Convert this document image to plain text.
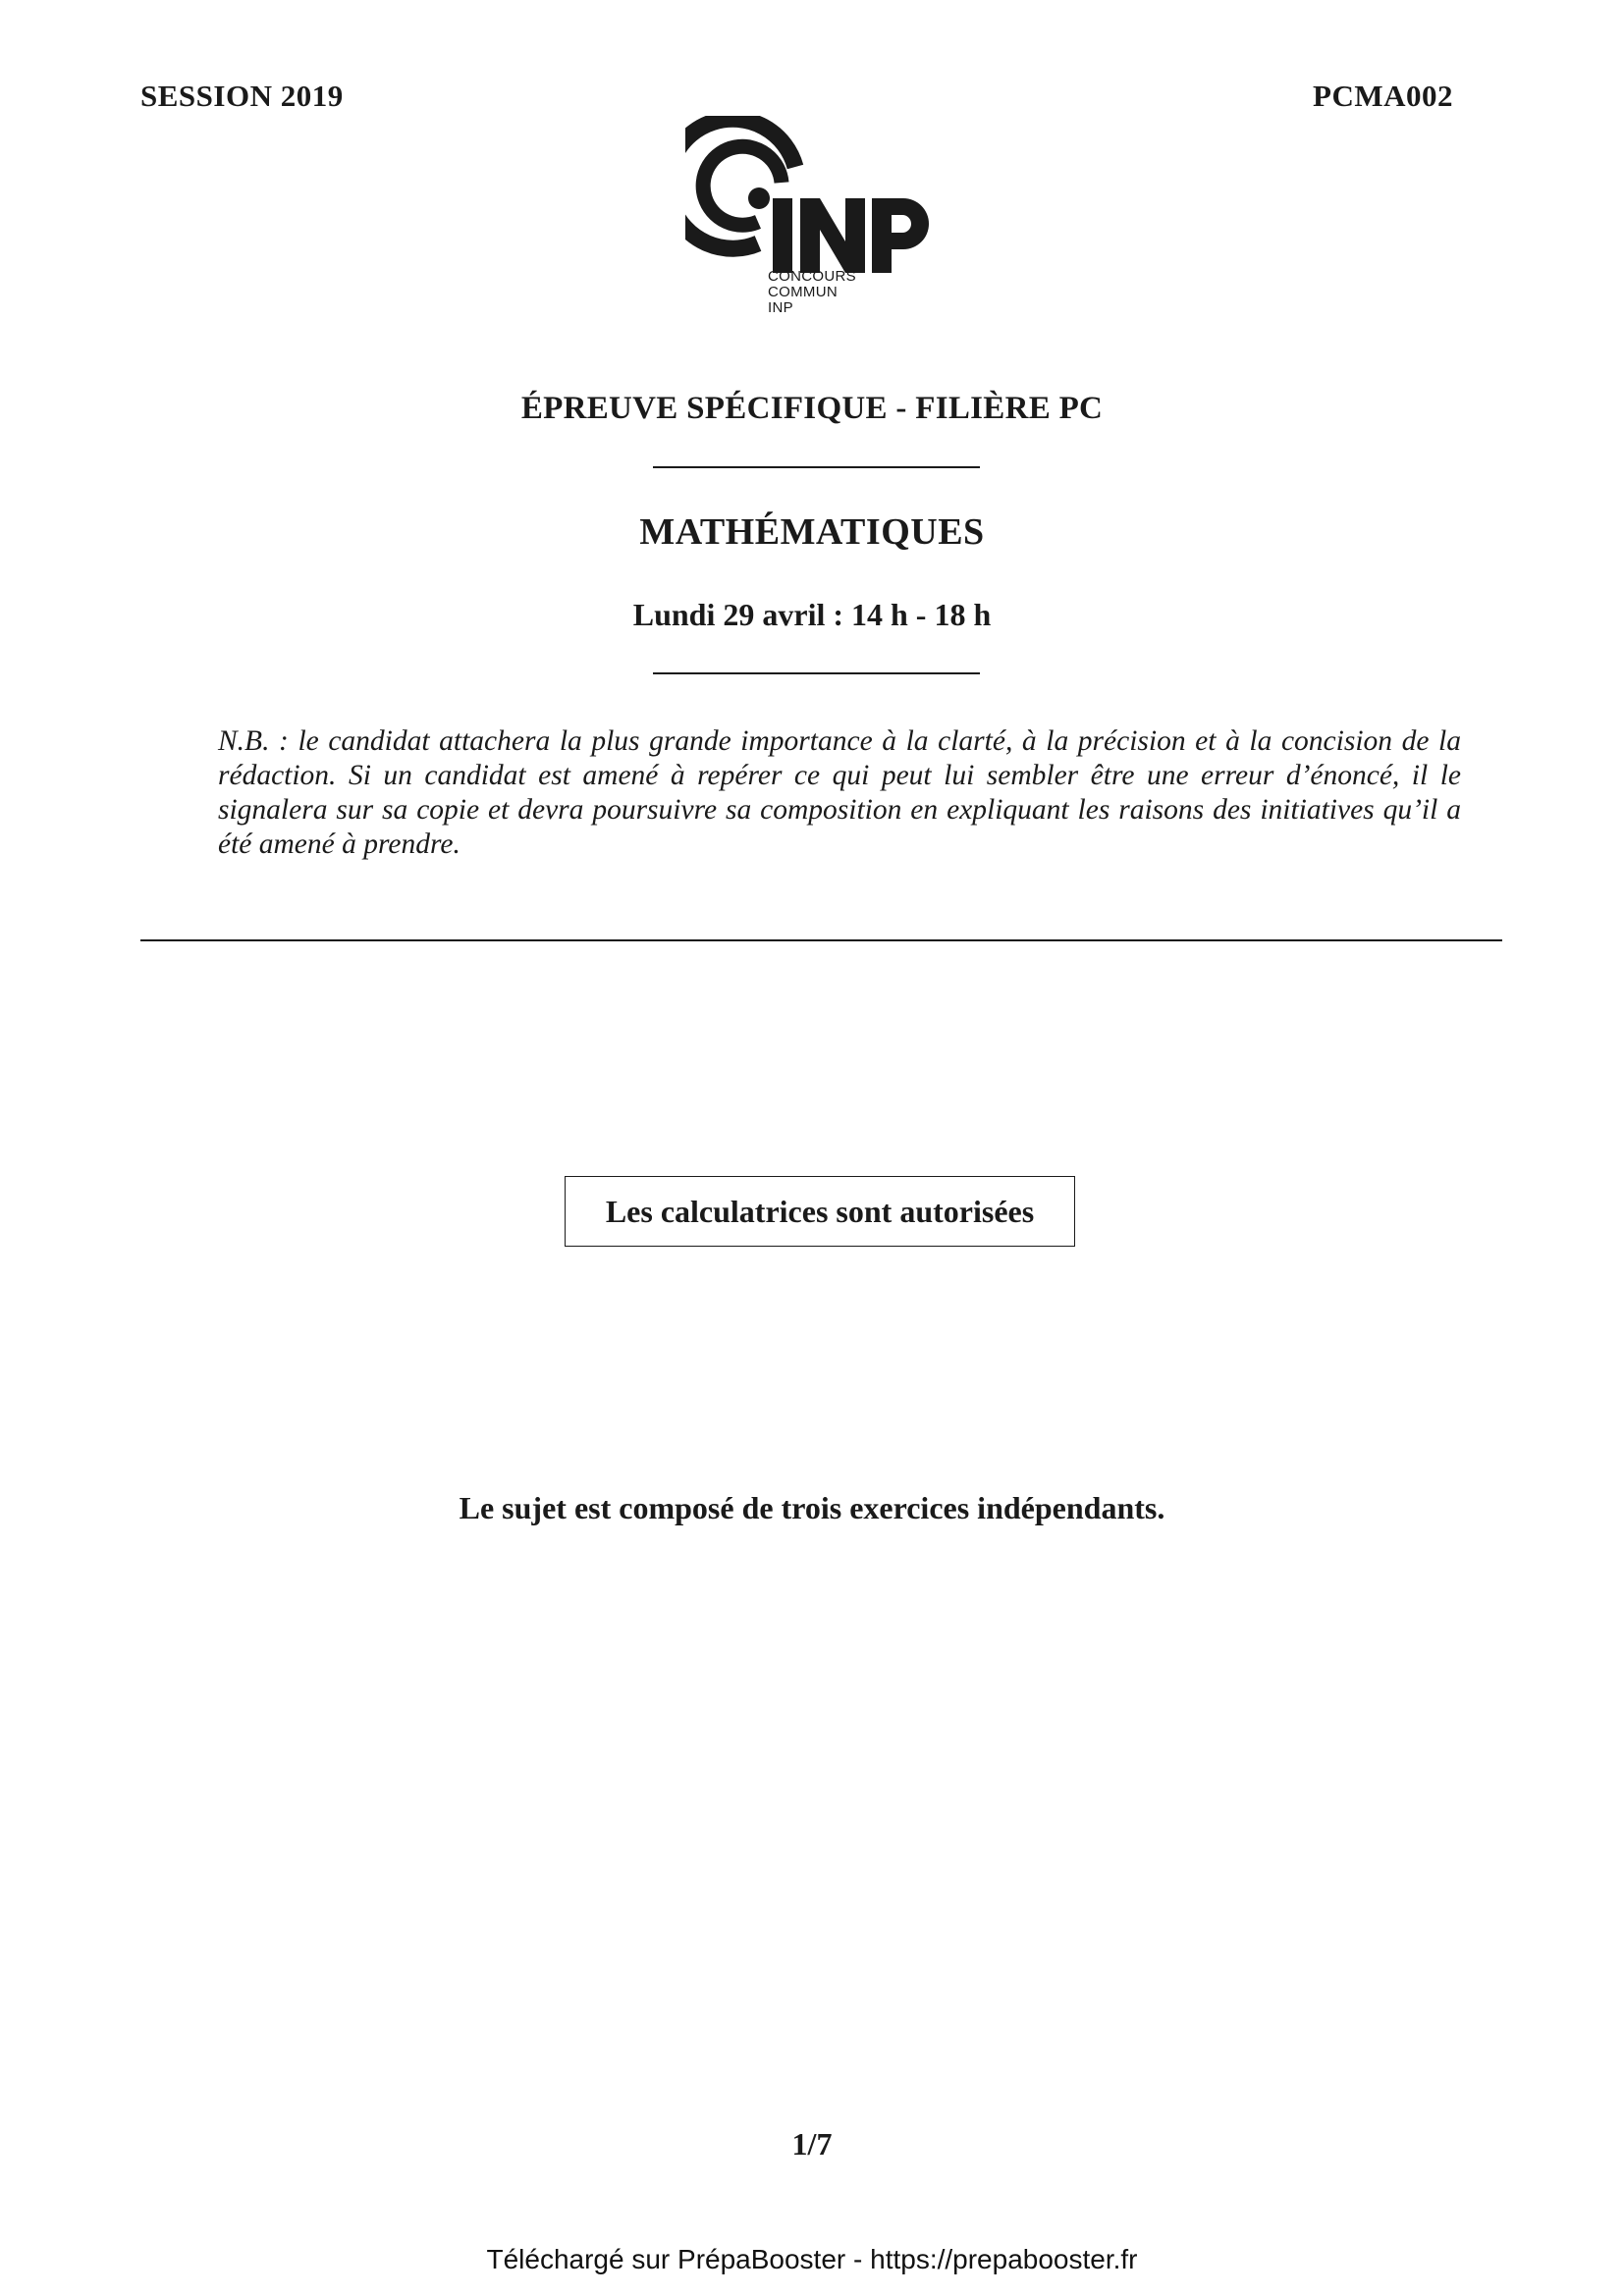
SESSION 2019	PCMA002
CONCOURS
COMMUN
INP
ÉPREUVE SPÉCIFIQUE - FILIÈRE PC
MATHÉMATIQUES
Lundi 29 avril : 14 h - 18 h
N.B. : le candidat attachera la plus grande importance à la clarté, à la précision et à la concision de la rédaction. Si un candidat est amené à repérer ce qui peut lui sembler être une erreur d’énoncé, il le signalera sur sa copie et devra poursuivre sa composition en expliquant les raisons des initiatives qu’il a été amené à prendre.
Les calculatrices sont autorisées
Le sujet est composé de trois exercices indépendants.
1/7
Téléchargé sur PrépaBooster - https://prepabooster.fr
